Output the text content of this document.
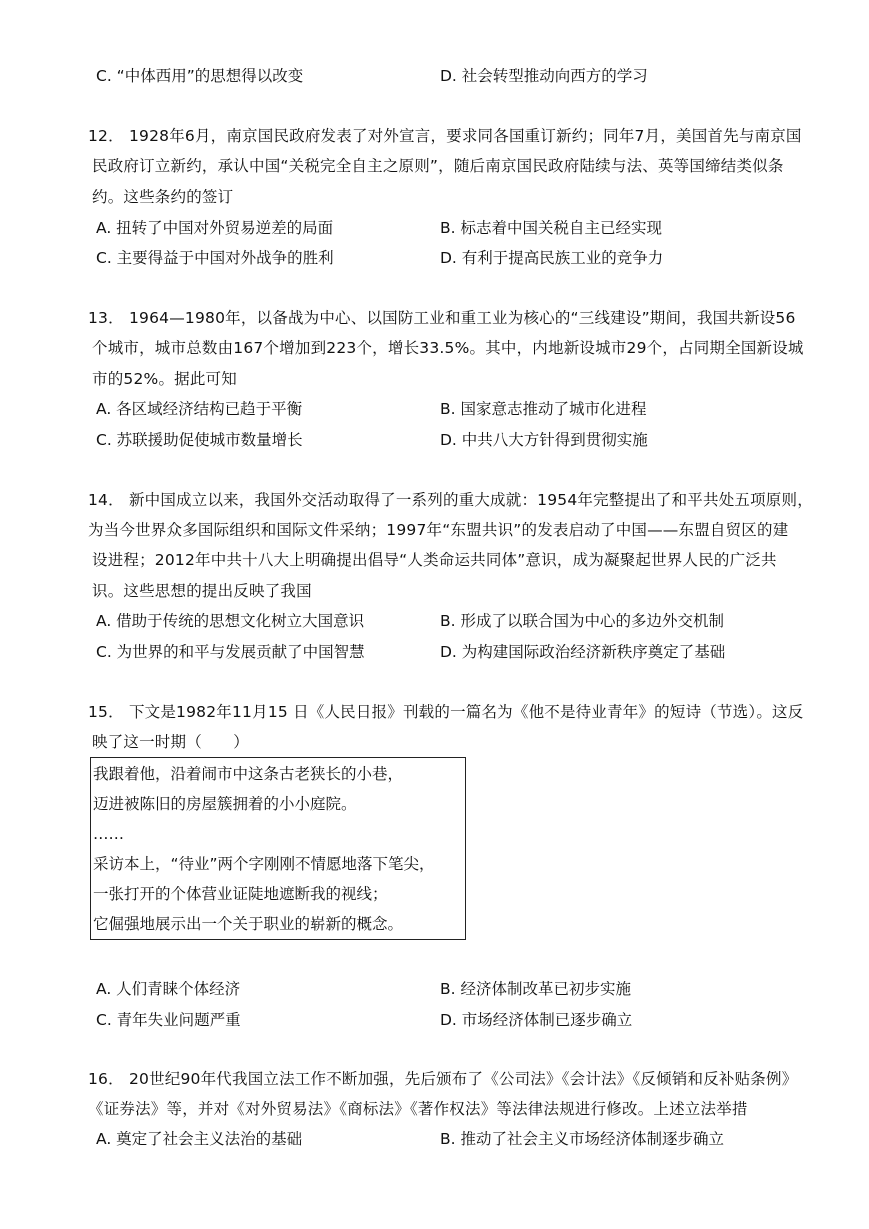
C. “中体西用”的思想得以改变	D. 社会转型推动向西方的学习
12． 1928年6月，南京国民政府发表了对外宣言，要求同各国重订新约；同年7月，美国首先与南京国
民政府订立新约，承认中国“关税完全自主之原则”，随后南京国民政府陆续与法、英等国缔结类似条
约。这些条约的签订
A. 扭转了中国对外贸易逆差的局面	B. 标志着中国关税自主已经实现
C. 主要得益于中国对外战争的胜利	D. 有利于提高民族工业的竞争力
13． 1964—1980年，以备战为中心、以国防工业和重工业为核心的“三线建设”期间，我国共新设56
个城市，城市总数由167个增加到223个，增长33.5%。其中，内地新设城市29个，占同期全国新设城
市的52%。据此可知
A. 各区域经济结构已趋于平衡	B. 国家意志推动了城市化进程
C. 苏联援助促使城市数量增长	D. 中共八大方针得到贯彻实施
14． 新中国成立以来，我国外交活动取得了一系列的重大成就：1954年完整提出了和平共处五项原则，
为当今世界众多国际组织和国际文件采纳；1997年“东盟共识”的发表启动了中国——东盟自贸区的建
设进程；2012年中共十八大上明确提出倡导“人类命运共同体”意识，成为凝聚起世界人民的广泛共
识。这些思想的提出反映了我国
A. 借助于传统的思想文化树立大国意识	B. 形成了以联合国为中心的多边外交机制
C. 为世界的和平与发展贡献了中国智慧	D. 为构建国际政治经济新秩序奠定了基础
15． 下文是1982年11月15 日《人民日报》刊载的一篇名为《他不是待业青年》的短诗（节选）。这反
映了这一时期（　　）
我跟着他，沿着闹市中这条古老狭长的小巷，
迈进被陈旧的房屋簇拥着的小小庭院。
……
采访本上，“待业”两个字刚刚不情愿地落下笔尖，
一张打开的个体营业证陡地遮断我的视线；
它倔强地展示出一个关于职业的崭新的概念。
A. 人们青睐个体经济	B. 经济体制改革已初步实施
C. 青年失业问题严重	D. 市场经济体制已逐步确立
16． 20世纪90年代我国立法工作不断加强，先后颁布了《公司法》《会计法》《反倾销和反补贴条例》
《证券法》等，并对《对外贸易法》《商标法》《著作权法》等法律法规进行修改。上述立法举措
A. 奠定了社会主义法治的基础	B. 推动了社会主义市场经济体制逐步确立
